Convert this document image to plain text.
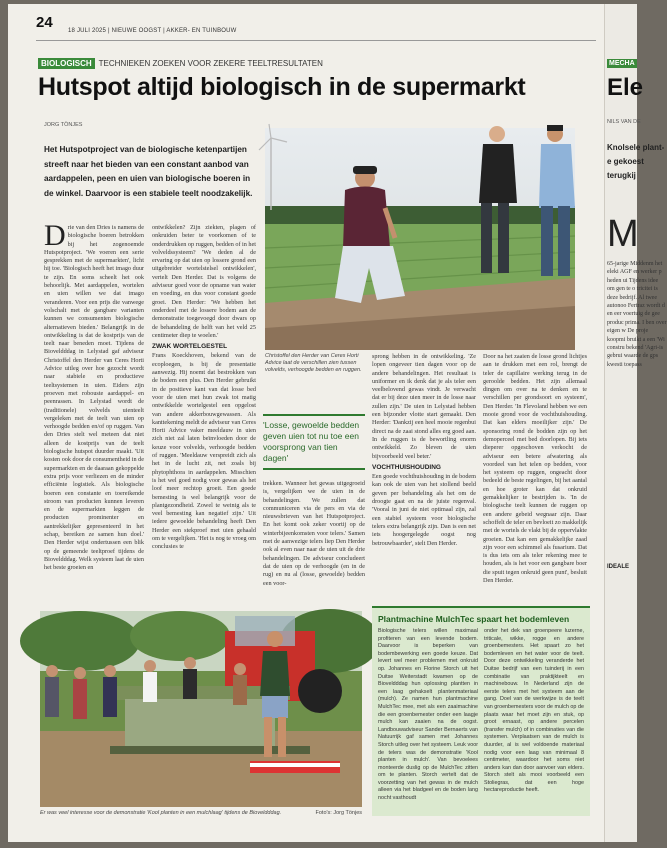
24	18 JULI 2025 | NIEUWE OOGST | AKKER- EN TUINBOUW
BIOLOGISCH TECHNIEKEN ZOEKEN VOOR ZEKERE TEELTRESULTATEN
Hutspot altijd biologisch in de supermarkt
JORG TÖNJES
Het Hutspotproject van de biologische ketenpartijen streeft naar het bieden van een constant aanbod van aardappelen, peen en uien van biologische boeren in de winkel. Daarvoor is een stabiele teelt noodzakelijk.
Christoffel den Herder van Ceres Horti Advice laat de verschillen zien tussen volvelds, verhoogde bedden en ruggen.
Drie van den Dries is namens de biologische boeren betrokken bij het zogenoemde Hutspotproject. 'We voeren een serie gesprekken met de supermarkten', licht hij toe. 'Biologisch heeft het imago duur te zijn. En soms scheelt het ook behoorlijk. Met aardappelen, wortelen en uien willen we dat imago veranderen. Voor een prijs die vanwege volschalt met de gangbare varianten kunnen we consumenten biologische alternatieven bieden.' Belangrijk in de ontwikkeling is dat de kostprijs van de teelt naar beneden moet. Tijdens de Bioveldddag in Lelystad gaf adviseur Christoffel den Herder van Ceres Horti Advice uitleg over hoe gezocht wordt naar stabiele en productieve teeltsystemen in uien. Eiders zijn proeven met robouste aardappel- en peenrassen. In Lelystad wordt de (traditionele) volvelds uienteelt vergeleken met de teelt van uien op verhoogde bedden en/of op ruggen. Van den Dries stelt wel meteen dat niet alleen de kostprijs van de teelt biologische hutspot duurder maakt. 'Uit kosten ook door de consumentheid in de supermarkten en de daaraan gekoppelde extra prijs voor verliezen en de minder efficiënte logistiek. Als biologische boeren een constante en toereikende stroom van producten kunnen leveren en de supermarkten leggen de producten prominenter en aantrekkelijker gepresenteerd in het schap, bereiken ze samen hun doel.' Den Herder wijst ondertussen een blik op de gemeende teeltproef tijdens de Bioveldddag. Welk systeem laat de uien het beste groeien en

ontwikkelen? Zijn ziekten, plagen of onkruiden beter te voorkomen of te onderdrukken op ruggen, bedden of in het volveldssysteem? 'We deden al de ervaring op dat uien op lossere grond een uitgebreider wortelstelsel ontwikkelen', vertelt Den Herder. Dat is volgens de adviseur goed voor de opname van water en voeding, en dus voor constant goede groei. Den Herder: 'We hebben het onderdeel met de lossere bodem aan de demonstratie toegevoegd door dwars op de behandeling de helft van het veld 25 centimeter diep te woelen.'

ZWAK WORTELGESTEL

Frans Koeckhoven, bekend van de ecoploegen, is bij de presentatie aanwezig. Hij noemt dat bestrokken van de bodem een plus. Den Herder gebruikt in de positieve kant van dat losse bed voor de uien met hun zwak tot matig ontwikkelde wortelgestel een opgelost van andere akkerbouwgewassen. Als kanttekening meldt de adviseur van Ceres Horti Advice vaker meeldauw in uien zich niet zal laten beïnvloeden door de keuze voor volvelds, verhoogde bedden of ruggen. 'Meeldauw verspreidt zich als het in de lucht zit, net zoals bij phytophthora in aardappelen. Misschien is het wel goed nodig voor gewas als het loof meer rechtop groeit. Een goede bemesting is wel belangrijk voor de plantgezondheid. Zowel te weinig als te veel bemesting kan negatief zijn.' Uit iedere gewoelde behandeling heeft Den Herder een stekproef met uien gehaald om te vergelijken. 'Het is nog te vroeg om conclusies te

'Losse, gewoelde bedden geven uien tot nu toe een voorsprong van tien dagen'
trekken. Wanneer het gewas uitgegroeid is, vergelijken we de uien in de behandelingen. We zullen dat communiceren via de pers en via de nieuwsbrieven van het Hutspotproject. En het komt ook zeker voortij op de winterbijeenkomsten voor telers.' Samen met de aanwezige telers liep Den Herder ook al even naar naar de uien uit de drie behandelingen. De adviseur concludeert dat de uien op de verhoogde (en in de rug) en nu al (losse, gewoelde) bedden een voor-

sprong hebben in de ontwikkeling. 'Ze lopen ongeveer tien dagen voor op de andere behandelingen. Het resultaat is uniformer en ik denk dat je als teler een veelbelovend gewas vindt. Je verwacht dat er bij deze uien meer in de losse naar zullen zijn.' De uien in Lelystad hebben een bijzonder vlotte start gemaakt. Den Herder: 'Dankzij een heel mooie regenbui direct na de zaai stond alles erg goed aan. In de ruggen is de bewortling enorm ontwikkeld. Zo bleven de uien bijvoorbeeld veel beter.'

VOCHTHUISHOUDING

Een goede vochthuishouding in de bodem kan ook de uien van het stollend beeld geven per behandeling als het om de droogte gaat en na de juiste regenval. 'Vooral in juni de niet optimaal zijn, zal een stabiel systeem voor biologische telers extra belangrijk zijn. Dan is een net iets hoogergelegde oogst nog betrouwbaarder', stelt Den Herder.

Door na het zaaien de losse grond lichtjes aan te drukken met een rol, brengt de teler de capillaire werking terug in de geroolde bedden. Het zijn allemaal dingen om over na te denken en te verschillen per grondsoort en systeem', Den Herder. 'In Flevoland hebben we een mooie grond voor de vochthuishouding. Dat kan elders moeilijker zijn.' De sponsoring rond de bodden zijn op het demoperceel met bed doorlopen. Bij iets dieperer opgeschoven verkocht de adviseur een betere afwatering als voordeel van het telen op bedden, voor het systeem op ruggen, ongeacht door bedeeld de beste regelingen, bij het aantal en hoe groter kan dat onkruid gemakkelijker te bestrijden is. 'In de biologische teelt kunnen de ruggen op een andere gebeid wegnaar zijn. Daar schoffelt de teler en bevloeit zo makkelijk met de wortels de vlakt bij de oppervlakte groeien. Dat kan een gemakkelijke zaad zijn voor een schimmel als fusarium. Dat is dus iets om als teler rekening mee te houden, als is het voor een gangbare boer die spuit tegen onkruid geen punt', besluit Den Herder.
Er was veel interesse voor de demonstratie 'Kool planten in een mulchlaag' tijdens de Bioveldddag.	Foto's: Jorg Tönjes
Plantmachine MulchTec spaart het bodemleven
Biologische telers willen maximaal profiteren van een levende bodem. Daarvoor is beperken van bodembewerking een goede keuze. Dat levert wel meer problemen met onkruid op. Johannes en Florine Storch uit het Duitse Weiterstadt kwamen op de Bioveldddag hun oplossing plantten in een laag gehakselt plantenmateriaal (mulch). Ze namen hun plantmachine MulchTec mee, met als een zaaimachine die een groenbemester onder een laagje mulch kan zaaien na de oogst. Landbouwadviseur Sander Bernaerts van Natuurrijk gaf samen met Johannes Storch uitleg over het systeem. Leuk voor de telers was de demonstratie 'Kool planten in mulch'. Van bevoelees monteerde duslig op de MulchTec zitten om te planten. Storch vertelt dat de voorzetting van het gewas in de mulch alleen via het bladgeel en de boden lang nocht vasthoudt
onder het dek van groenpeere luzerne, triticale, wikke, rogge en andere groenbemesters. Het spaart zo het bodemleven en het water voor de teelt. Door deze ontwikkeling veranderde het Duitse bedrijf van een tuinderij in een combinatie van praktijkteelt en machinebouw. In Nederland zijn de eerste telers met het systeem aan de gang. Doel van de werkwijze is de teelt van groenbemesters voor de mulch op de plaats waar het moet zijn en stuk, op groot ernaast, op andere percelen (transfer mulch) of in combinaties van die systemen. Verplaatsen van de mulch is duurder, al is wel voldoende materiaal nodig voor een laag van minimaal 8 centimeter, waardoor het soms niet anders kan dan door aanvoer van elders. Storch stelt als mooi voorbeeld een Stoliegras, dat een hoge hectareproductie heeft.
MECHA
Ele
NILS VAN DE
Knolsele plant- e gekoest terugkij
M
65-jarige Middenm het eleki AGF en werker p heden ui Tijdens idee om gen te o tricitei is deze bedrijf. Al twee autonoo Fertraz wordt d en eer voertuig de gee produc prima. I ben over eigen w De proje koopmi bruikt a een 'Wi constru bekend 'Agri-is gebrui waarde de gps kwesti toepass
IDEALE
